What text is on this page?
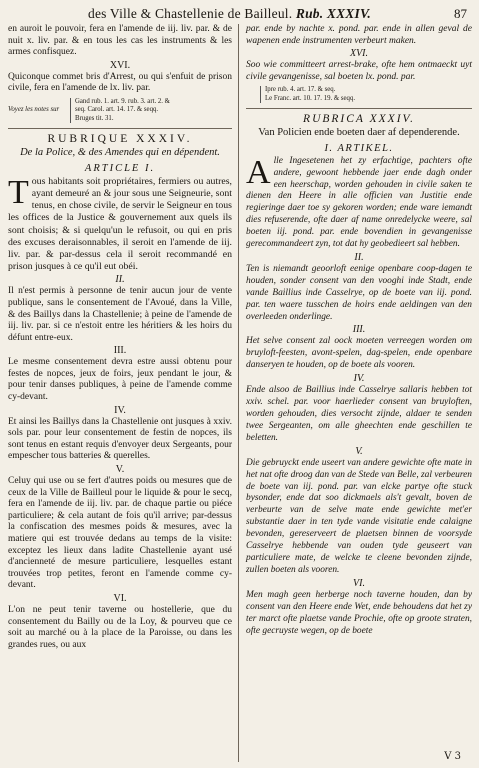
des Ville & Chastellenie de Bailleul. Rub. XXXIV.	87

en auroit le pouvoir, fera en l'amende de iij. liv. par. & de nuit x. liv. par. & en tous les cas les instruments & les armes confisquez.

XVI.

Quiconque commet bris d'Arrest, ou qui s'enfuit de prison civile, fera en l'amende de lx. liv. par.

Voyez les notes sur
Gand rub. 1. art. 9. rub. 3. art. 2. &
seq. Carol. art. 14. 17. & seqq.
Bruges tit. 31.

RUBRIQUE XXXIV.

De la Police, & des Amendes qui en dépendent.

ARTICLE I.

Tous habitants soit propriétaires, fermiers ou autres, ayant demeuré an & jour sous une Seigneurie, sont tenus, en chose civile, de servir le Seigneur en tous les offices de la Justice & gouvernement aux quels ils sont choisis; & si quelqu'un le refusoit, ou qui en pris des excuses deraisonnables, il seroit en l'amende de iij. liv. par. & par-dessus cela il seroit recommandé en prison jusques à ce qu'il eut obéi.

II.

Il n'est permis à personne de tenir aucun jour de vente publique, sans le consentement de l'Avoué, dans la Ville, & des Baillys dans la Chastellenie; à peine de l'amende de iij. liv. par. si ce n'estoit entre les héritiers & les hoirs du défunt entre-eux.

III.

Le mesme consentement devra estre aussi obtenu pour festes de nopces, jeux de foirs, jeux pendant le jour, & pour tenir danses publiques, à peine de l'amende comme cy-devant.

IV.

Et ainsi les Baillys dans la Chastellenie ont jusques à xxiv. sols par. pour leur consentement de festin de nopces, ils sont tenus en estant requis d'envoyer deux Sergeants, pour empescher tous batteries & querelles.

V.

Celuy qui use ou se fert d'autres poids ou mesures que de ceux de la Ville de Bailleul pour le liquide & pour le secq, fera en l'amende de iij. liv. par. de chaque partie ou piéce particuliere; & cela autant de fois qu'il arrive; par-dessus la confiscation des mesmes poids & mesures, avec la matiere qui est trouvée dedans au temps de la visite: exceptez les lieux dans ladite Chastellenie ayant usé d'ancienneté de mesure particuliere, lesquelles estant trouvées trop petites, feront en l'amende comme cy-devant.

VI.

L'on ne peut tenir taverne ou hostellerie, que du consentement du Bailly ou de la Loy, & pourveu que ce soit au marché ou à la place de la Paroisse, ou dans les grandes rues, ou aux

par. ende by nachte x. pond. par. ende in allen geval de wapenen ende instrumenten verbeurt maken.

XVI.

Soo wie committeert arrest-brake, ofte hem ontmaeckt uyt civile gevangenisse, sal boeten lx. pond. par.

Ipre rub. 4. art. 17. & seq.
Le Franc. art. 10. 17. 19. & seqq.

RUBRICA XXXIV.

Van Policien ende boeten daer af dependerende.

I. ARTIKEL.

Alle Ingesetenen het zy erfachtige, pachters ofte andere, gewoont hebbende jaer ende dagh onder een heerschap, worden gehouden in civile saken te dienen den Heere in alle officien van Justitie ende regieringe daer toe sy gekoren worden; ende ware iemandt dies refuserende, ofte daer af name onredelycke weere, sal boeten iij. pond. par. ende bovendien in gevangenisse gerecommandeert zyn, tot dat hy geobedieert sal hebben.

II.

Ten is niemandt geoorloft eenige openbare coop-dagen te houden, sonder consent van den vooghi inde Stadt, ende vande Baillius inde Casselrye, op de boete van iij. pond. par. ten waere tusschen de hoirs ende aeldingen van den overleeden onderlinge.

III.

Het selve consent zal oock moeten verreegen worden om bruyloft-feesten, avont-spelen, dag-spelen, ende openbare danseryen te houden, op de boete als vooren.

IV.

Ende alsoo de Baillius inde Casselrye sallaris hebben tot xxiv. schel. par. voor haerlieder consent van bruyloften, worden gehouden, dies versocht zijnde, aldaer te senden twee Sergeanten, om alle gheechten ende geschillen te beletten.

V.

Die gebruyckt ende useert van andere gewichte ofte mate in het nat ofte droog dan van de Stede van Belle, zal verbeuren de boete van iij. pond. par. van elcke partye ofte stuck bysonder, ende dat soo dickmaels als't gevalt, boven de verbeurte van de selve mate ende gewichte met'er substantie daer in ten tyde vande visitatie ende calaigne bevonden, gereserveert de plaetsen binnen de voorsyde Casselrye hebbende van ouden tyde geuseert van particuliere mate, de welcke te cleene bevonden zijnde, zullen boeten als vooren.

VI.

Men magh geen herberge noch taverne houden, dan by consent van den Heere ende Wet, ende behoudens dat het zy ter marct ofte plaetse vande Prochie, ofte op groote straten, ofte gecruyste wegen, op de boete

V 3
